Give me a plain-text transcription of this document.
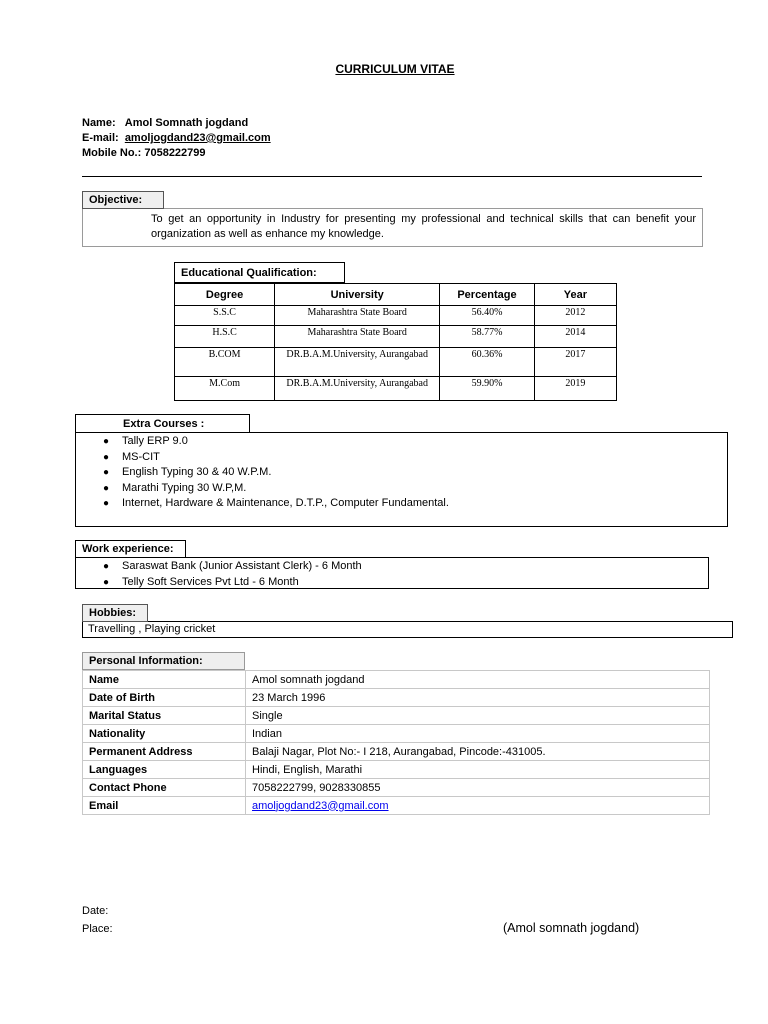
CURRICULUM VITAE
Name: Amol Somnath jogdand
E-mail: amoljogdand23@gmail.com
Mobile No.: 7058222799
To get an opportunity in Industry for presenting my professional and technical skills that can benefit your organization as well as enhance my knowledge.
Objective:
Educational Qualification:
Degree	University	Percentage	Year
S.S.C	Maharashtra State Board	56.40%	2012
H.S.C	Maharashtra State Board	58.77%	2014
B.COM	DR.B.A.M.University, Aurangabad	60.36%	2017
M.Com	DR.B.A.M.University, Aurangabad	59.90%	2019
● Tally ERP 9.0
● MS-CIT
● English Typing 30 & 40 W.P.M.
● Marathi Typing 30 W.P,M.
● Internet, Hardware & Maintenance, D.T.P., Computer Fundamental.
Extra Courses :
● Saraswat Bank (Junior Assistant Clerk) - 6 Month
● Telly Soft Services Pvt Ltd - 6 Month
Work experience:
Travelling , Playing cricket
Hobbies:
Personal Information:
Name	Amol somnath jogdand
Date of Birth	23 March 1996
Marital Status	Single
Nationality	Indian
Permanent Address	Balaji Nagar, Plot No:- I 218, Aurangabad, Pincode:-431005.
Languages	Hindi, English, Marathi
Contact Phone	7058222799, 9028330855
Email	amoljogdand23@gmail.com
Date:
Place:	(Amol somnath jogdand)
